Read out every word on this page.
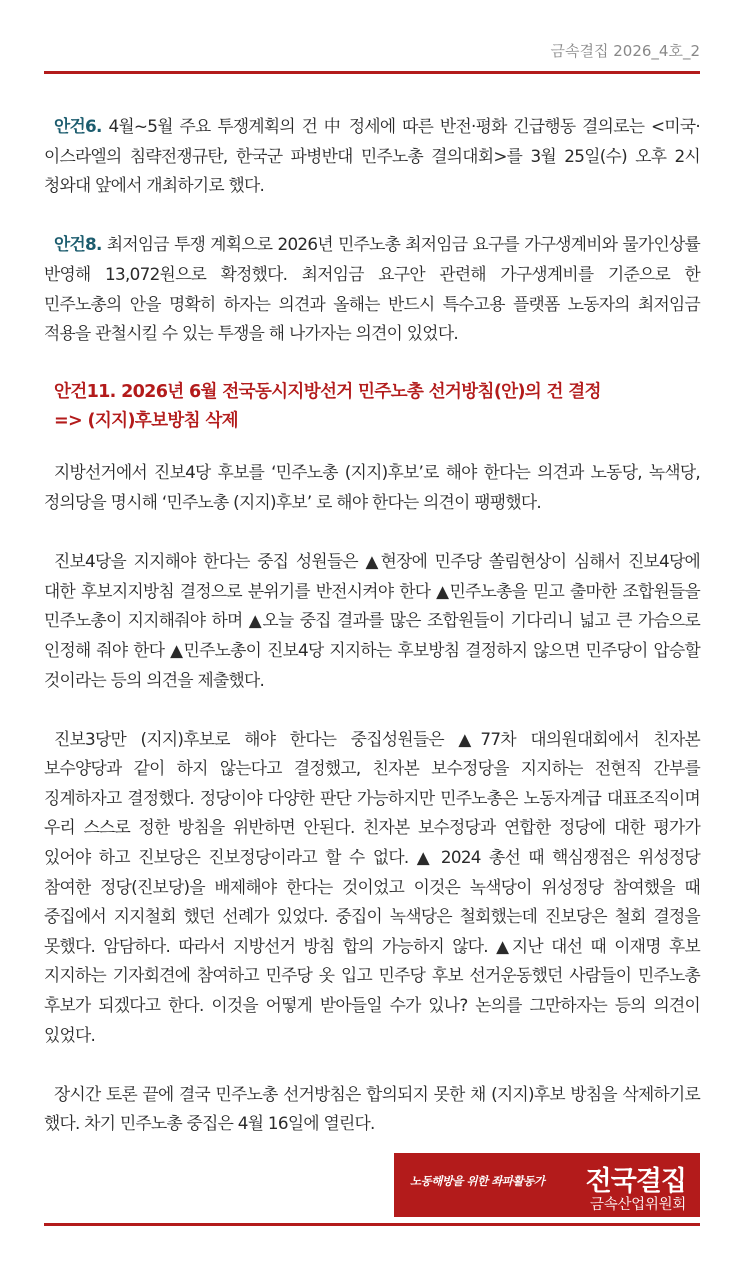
금속결집 2026_4호_2

안건6. 4월~5월 주요 투쟁계획의 건 中 정세에 따른 반전·평화 긴급행동 결의로는 <미국·이스라엘의 침략전쟁규탄, 한국군 파병반대 민주노총 결의대회>를 3월 25일(수) 오후 2시 청와대 앞에서 개최하기로 했다.

안건8. 최저임금 투쟁 계획으로 2026년 민주노총 최저임금 요구를 가구생계비와 물가인상률 반영해 13,072원으로 확정했다. 최저임금 요구안 관련해 가구생계비를 기준으로 한 민주노총의 안을 명확히 하자는 의견과 올해는 반드시 특수고용 플랫폼 노동자의 최저임금 적용을 관철시킬 수 있는 투쟁을 해 나가자는 의견이 있었다.

안건11. 2026년 6월 전국동시지방선거 민주노총 선거방침(안)의 건 결정
=> (지지)후보방침 삭제

지방선거에서 진보4당 후보를 ‘민주노총 (지지)후보’로 해야 한다는 의견과 노동당, 녹색당, 정의당을 명시해 ‘민주노총 (지지)후보’ 로 해야 한다는 의견이 팽팽했다.

진보4당을 지지해야 한다는 중집 성원들은 ▲현장에 민주당 쏠림현상이 심해서 진보4당에 대한 후보지지방침 결정으로 분위기를 반전시켜야 한다 ▲민주노총을 믿고 출마한 조합원들을 민주노총이 지지해줘야 하며 ▲오늘 중집 결과를 많은 조합원들이 기다리니 넓고 큰 가슴으로 인정해 줘야 한다 ▲민주노총이 진보4당 지지하는 후보방침 결정하지 않으면 민주당이 압승할 것이라는 등의 의견을 제출했다.

진보3당만 (지지)후보로 해야 한다는 중집성원들은 ▲77차 대의원대회에서 친자본 보수양당과 같이 하지 않는다고 결정했고, 친자본 보수정당을 지지하는 전현직 간부를 징계하자고 결정했다. 정당이야 다양한 판단 가능하지만 민주노총은 노동자계급 대표조직이며 우리 스스로 정한 방침을 위반하면 안된다. 친자본 보수정당과 연합한 정당에 대한 평가가 있어야 하고 진보당은 진보정당이라고 할 수 없다. ▲ 2024 총선 때 핵심쟁점은 위성정당 참여한 정당(진보당)을 배제해야 한다는 것이었고 이것은 녹색당이 위성정당 참여했을 때 중집에서 지지철회 했던 선례가 있었다. 중집이 녹색당은 철회했는데 진보당은 철회 결정을 못했다. 암담하다. 따라서 지방선거 방침 합의 가능하지 않다. ▲지난 대선 때 이재명 후보 지지하는 기자회견에 참여하고 민주당 옷 입고 민주당 후보 선거운동했던 사람들이 민주노총 후보가 되겠다고 한다. 이것을 어떻게 받아들일 수가 있나? 논의를 그만하자는 등의 의견이 있었다.

장시간 토론 끝에 결국 민주노총 선거방침은 합의되지 못한 채 (지지)후보 방침을 삭제하기로 했다. 차기 민주노총 중집은 4월 16일에 열린다.

노동해방을 위한 좌파활동가 전국결집
금속산업위원회
